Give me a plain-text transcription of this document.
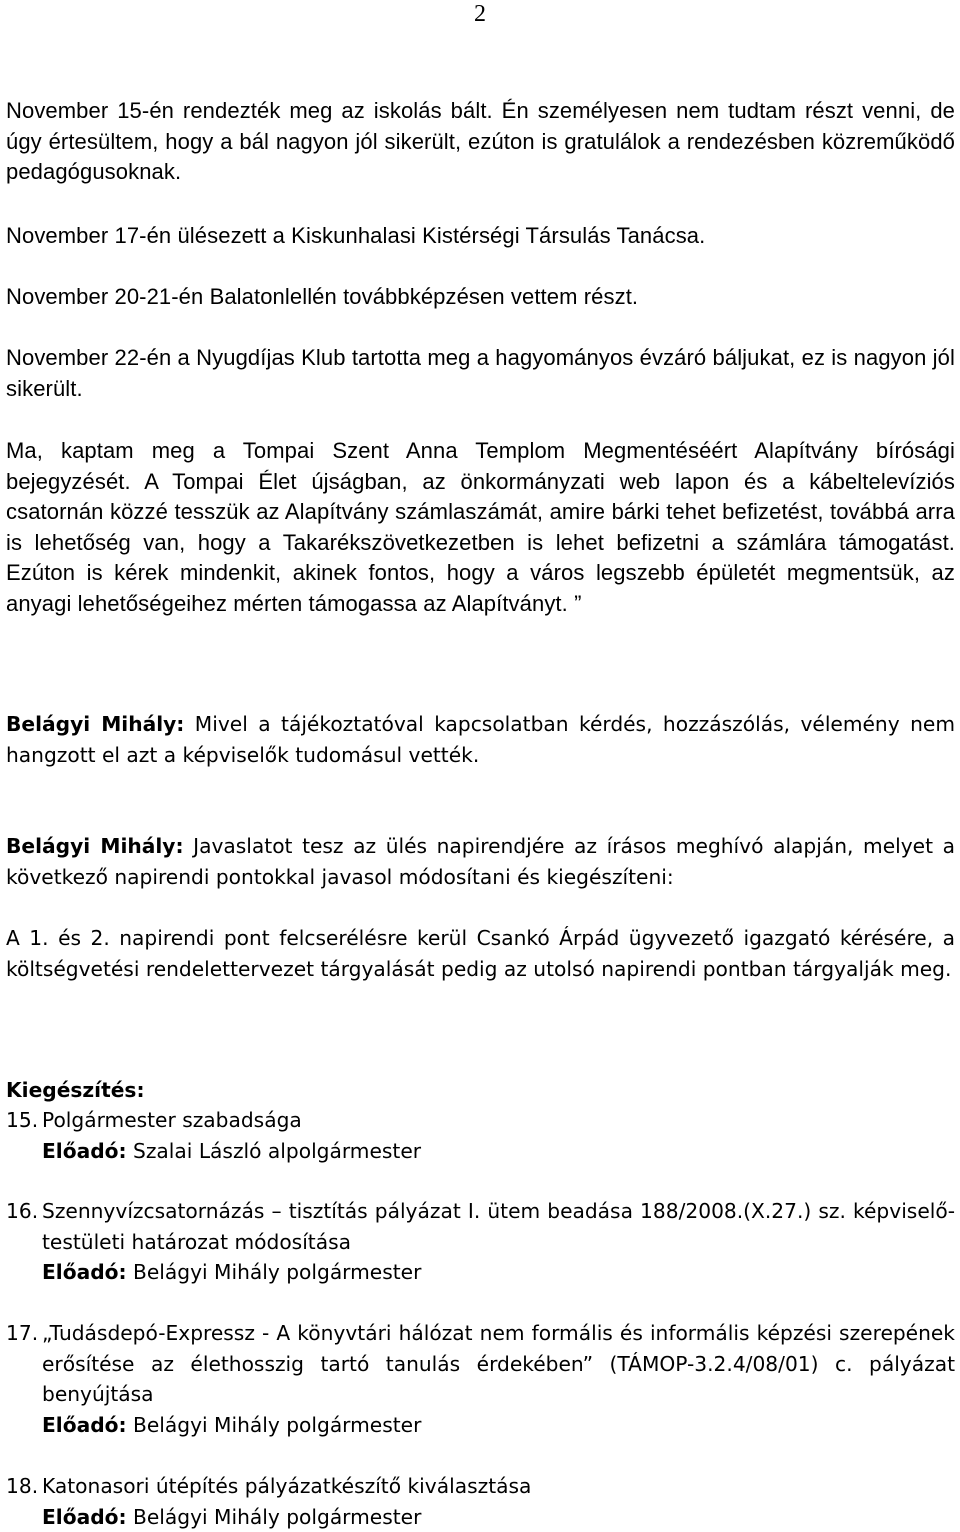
2

November 15-én rendezték meg az iskolás bált. Én személyesen nem tudtam részt venni, de úgy értesültem, hogy a bál nagyon jól sikerült, ezúton is gratulálok a rendezésben közreműködő pedagógusoknak.

November 17-én ülésezett a Kiskunhalasi Kistérségi Társulás Tanácsa.

November 20-21-én Balatonlellén továbbképzésen vettem részt.

November 22-én a Nyugdíjas Klub tartotta meg a hagyományos évzáró báljukat, ez is nagyon jól sikerült.

Ma, kaptam meg a Tompai Szent Anna Templom Megmentéséért Alapítvány bírósági bejegyzését. A Tompai Élet újságban, az önkormányzati web lapon és a kábeltelevíziós csatornán közzé tesszük az Alapítvány számlaszámát, amire bárki tehet befizetést, továbbá arra is lehetőség van, hogy a Takarékszövetkezetben is lehet befizetni a számlára támogatást. Ezúton is kérek mindenkit, akinek fontos, hogy a város legszebb épületét megmentsük, az anyagi lehetőségeihez mérten támogassa az Alapítványt. ”

Belágyi Mihály: Mivel a tájékoztatóval kapcsolatban kérdés, hozzászólás, vélemény nem hangzott el azt a képviselők tudomásul vették.

Belágyi Mihály: Javaslatot tesz az ülés napirendjére az írásos meghívó alapján, melyet a következő napirendi pontokkal javasol módosítani és kiegészíteni:

A 1. és 2. napirendi pont felcserélésre kerül Csankó Árpád ügyvezető igazgató kérésére, a költségvetési rendelettervezet tárgyalását pedig az utolsó napirendi pontban tárgyalják meg.

Kiegészítés:

15. Polgármester szabadsága
Előadó: Szalai László alpolgármester
16. Szennyvízcsatornázás – tisztítás pályázat I. ütem beadása 188/2008.(X.27.) sz. képviselő-testületi határozat módosítása
Előadó: Belágyi Mihály polgármester
17. „Tudásdepó-Expressz - A könyvtári hálózat nem formális és informális képzési szerepének erősítése az élethosszig tartó tanulás érdekében” (TÁMOP-3.2.4/08/01) c. pályázat benyújtása
Előadó: Belágyi Mihály polgármester
18. Katonasori útépítés pályázatkészítő kiválasztása
Előadó: Belágyi Mihály polgármester
